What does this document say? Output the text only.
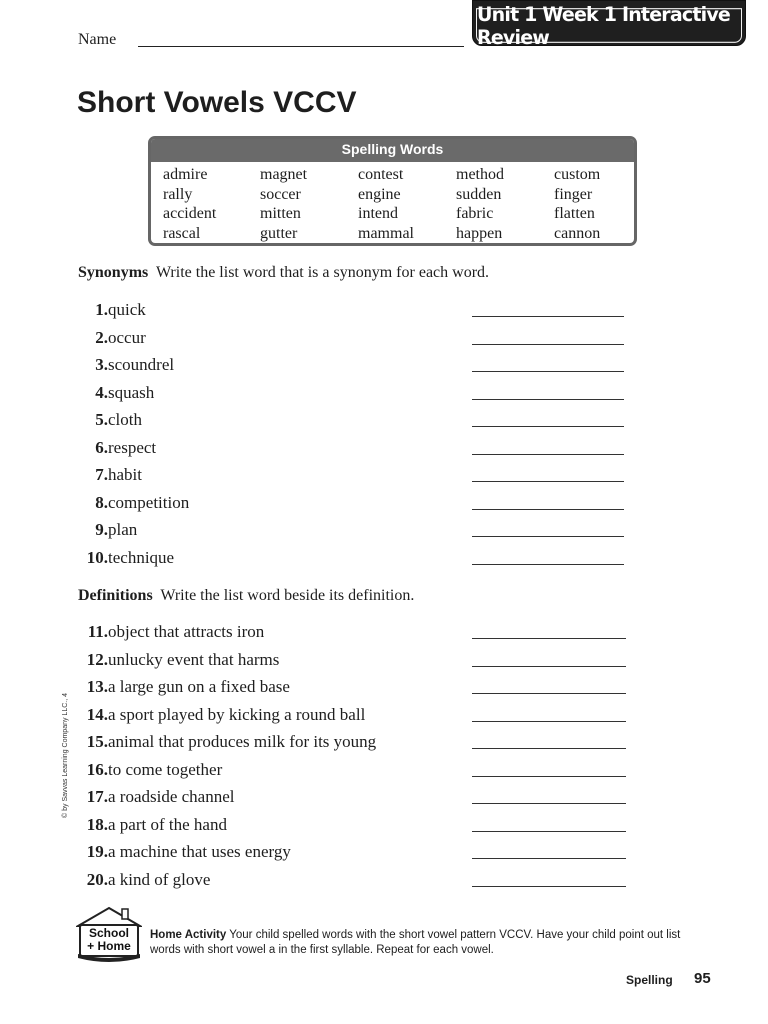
Name
Unit 1 Week 1 Interactive Review
Short Vowels VCCV
Spelling Words
admire	magnet	contest	method	custom
rally	soccer	engine	sudden	finger
accident	mitten	intend	fabric	flatten
rascal	gutter	mammal	happen	cannon
Synonyms Write the list word that is a synonym for each word.
1. quick
2. occur
3. scoundrel
4. squash
5. cloth
6. respect
7. habit
8. competition
9. plan
10. technique
Definitions Write the list word beside its definition.
11. object that attracts iron
12. unlucky event that harms
13. a large gun on a fixed base
14. a sport played by kicking a round ball
15. animal that produces milk for its young
16. to come together
17. a roadside channel
18. a part of the hand
19. a machine that uses energy
20. a kind of glove
© by Savvas Learning Company LLC., 4
School
+ Home
Home Activity Your child spelled words with the short vowel pattern VCCV. Have your child point out list words with short vowel a in the first syllable. Repeat for each vowel.
Spelling 95
